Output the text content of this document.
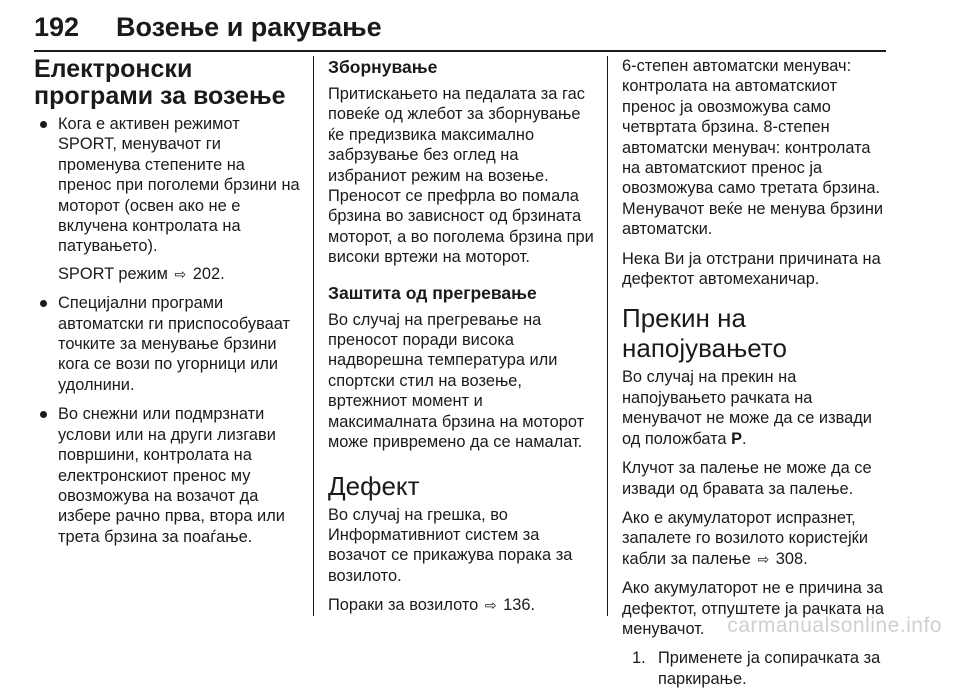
192 Возење и ракување
Електронски програми за возење
Кога е активен режимот SPORT, менувачот ги променува степените на пренос при поголеми брзини на моторот (освен ако не е вклучена контролата на патувањето).
SPORT режим ⇨ 202.
Специјални програми автоматски ги приспособуваат точките за менување брзини кога се вози по угорници или удолнини.
Во снежни или подмрзнати услови или на други лизгави површини, контролата на електронскиот пренос му овозможува на возачот да избере рачно прва, втора или трета брзина за поаѓање.
Зборнување

Притискањето на педалата за гас повеќе од жлебот за зборнување ќе предизвика максимално забрзување без оглед на избраниот режим на возење. Преносот се префрла во помала брзина во зависност од брзината моторот, а во поголема брзина при високи вртежи на моторот.

Заштита од прегревање

Во случај на прегревање на преносот поради висока надворешна температура или спортски стил на возење, вртежниот момент и максималната брзина на моторот може привремено да се намалат.

Дефект

Во случај на грешка, во Информативниот систем за возачот се прикажува порака за возилото.

Пораки за возилото ⇨ 136.

6-степен автоматски менувач: контролата на автоматскиот пренос ја овозможува само четвртата брзина. 8-степен автоматски менувач: контролата на автоматскиот пренос ја овозможува само третата брзина. Менувачот веќе не менува брзини автоматски.

Нека Ви ја отстрани причината на дефектот автомеханичар.

Прекин на напојувањето

Во случај на прекин на напојувањето рачката на менувачот не може да се извади од положбата P.

Клучот за палење не може да се извади од бравата за палење.

Ако е акумулаторот испразнет, запалете го возилото користејќи кабли за палење ⇨ 308.

Ако акумулаторот не е причина за дефектот, отпуштете ја рачката на менувачот.

1. Применете ја сопирачката за паркирање.
carmanualsonline.info
